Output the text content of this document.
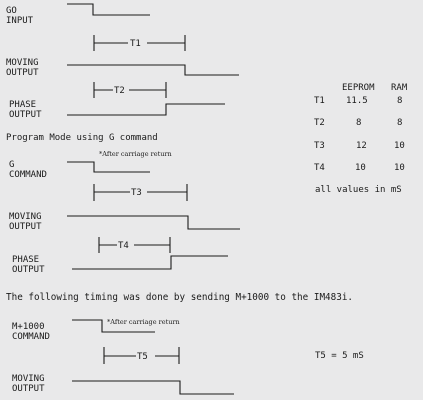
GO
INPUT
MOVING
OUTPUT
PHASE
OUTPUT
Program Mode using G command
G
COMMAND
*After carriage return
MOVING
OUTPUT
PHASE
OUTPUT
The following timing was done by sending M+1000 to the IM483i.
M+1000
COMMAND
*After carriage return
MOVING
OUTPUT
T5 = 5 mS
EEPROM RAM
T1 11.5	8
T2	8	8
T3	12	10
T4	10	10
all values in mS
T1
T2
T3
T4
T5
